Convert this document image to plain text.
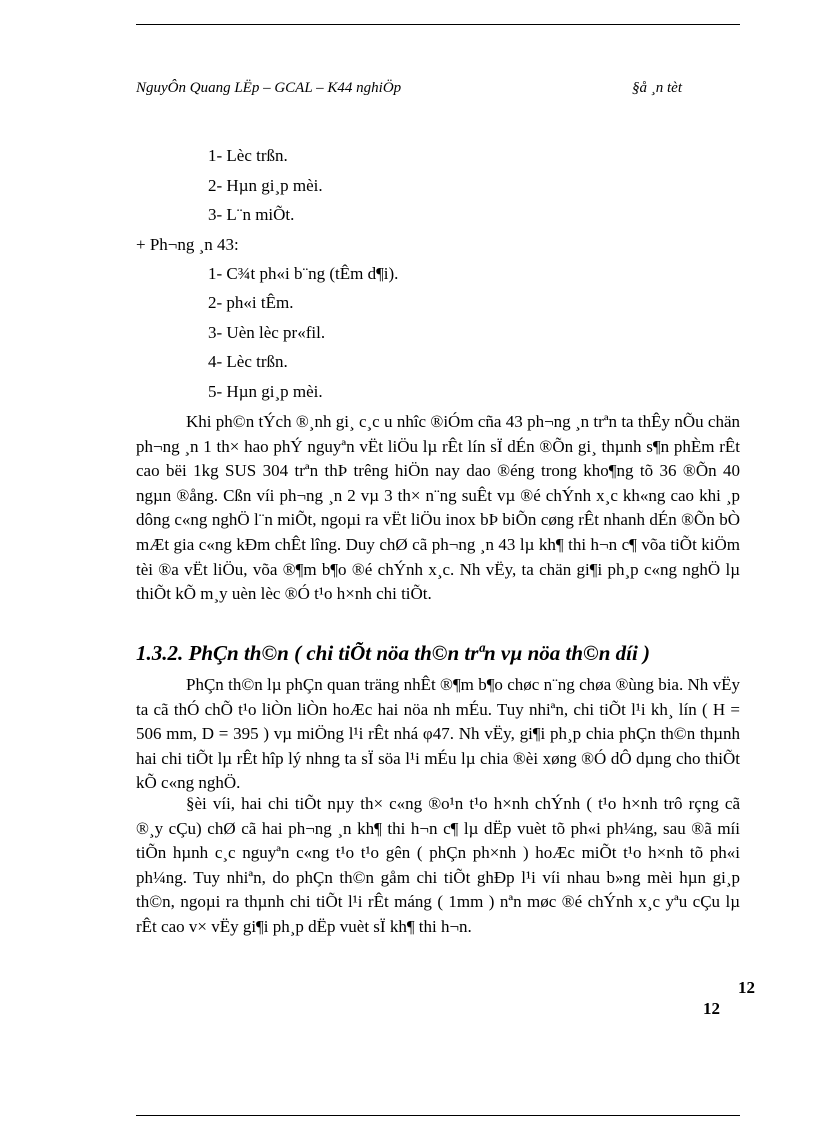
NguyÔn Quang LËp – GCAL – K44 nghiÖp	§å ¸n tèt
1- Lèc trßn.
2- Hµn gi¸p mèi.
3- L¨n miÕt.
+ Ph¬ng ¸n 43:
1- C¾t ph«i b¨ng (tÊm d¶i).
2- ph«i tÊm.
3- Uèn lèc pr«fil.
4- Lèc trßn.
5- Hµn gi¸p mèi.

Khi ph©n tÝch ®¸nh gi¸ c¸c u nhîc ®iÓm cña 43 ph¬ng ¸n trªn ta thÊy nÕu chän ph¬ng ¸n 1 th× hao phÝ nguyªn vËt liÖu lµ rÊt lín sÏ dÉn ®Õn gi¸ thµnh s¶n phÈm rÊt cao bëi 1kg SUS 304 trªn thÞ trêng hiÖn nay dao ®éng trong kho¶ng tõ 36 ®Õn 40 ngµn ®ång. Cßn víi ph¬ng ¸n 2 vµ 3 th× n¨ng suÊt vµ ®é chÝnh x¸c kh«ng cao khi ¸p dông c«ng nghÖ l¨n miÕt, ngoµi ra vËt liÖu inox bÞ biÕn cøng rÊt nhanh dÉn ®Õn bÒ mÆt gia c«ng kÐm chÊt lîng. Duy chØ cã ph¬ng ¸n 43 lµ kh¶ thi h¬n c¶ võa tiÕt kiÖm tèi ®a vËt liÖu, võa ®¶m b¶o ®é chÝnh x¸c. Nh vËy, ta chän gi¶i ph¸p c«ng nghÖ lµ thiÕt kÕ m¸y uèn lèc ®Ó t¹o h×nh chi tiÕt.

1.3.2. PhÇn th©n ( chi tiÕt nöa th©n trªn vµ nöa th©n díi )

PhÇn th©n lµ phÇn quan träng nhÊt ®¶m b¶o chøc n¨ng chøa ®ùng bia. Nh vËy ta cã thÓ chÕ t¹o liÒn liÒn hoÆc hai nöa nh mÉu. Tuy nhiªn, chi tiÕt l¹i kh¸ lín ( H = 506 mm, D = 395 ) vµ miÖng l¹i rÊt nhá φ47. Nh vËy, gi¶i ph¸p chia phÇn th©n thµnh hai chi tiÕt lµ rÊt hîp lý nhng ta sÏ söa l¹i mÉu lµ chia ®èi xøng ®Ó dÔ dµng cho thiÕt kÕ c«ng nghÖ.

§èi víi, hai chi tiÕt nµy th× c«ng ®o¹n t¹o h×nh chÝnh ( t¹o h×nh trô rçng cã ®¸y cÇu) chØ cã hai ph¬ng ¸n kh¶ thi h¬n c¶ lµ dËp vuèt tõ ph«i ph¼ng, sau ®ã míi tiÕn hµnh c¸c nguyªn c«ng t¹o t¹o gên ( phÇn ph×nh ) hoÆc miÕt t¹o h×nh tõ ph«i ph¼ng. Tuy nhiªn, do phÇn th©n gåm chi tiÕt ghÐp l¹i víi nhau b»ng mèi hµn gi¸p th©n, ngoµi ra thµnh chi tiÕt l¹i rÊt máng ( 1mm ) nªn møc ®é chÝnh x¸c yªu cÇu lµ rÊt cao v× vËy gi¶i ph¸p dËp vuèt sÏ kh¶ thi h¬n.

12
12
